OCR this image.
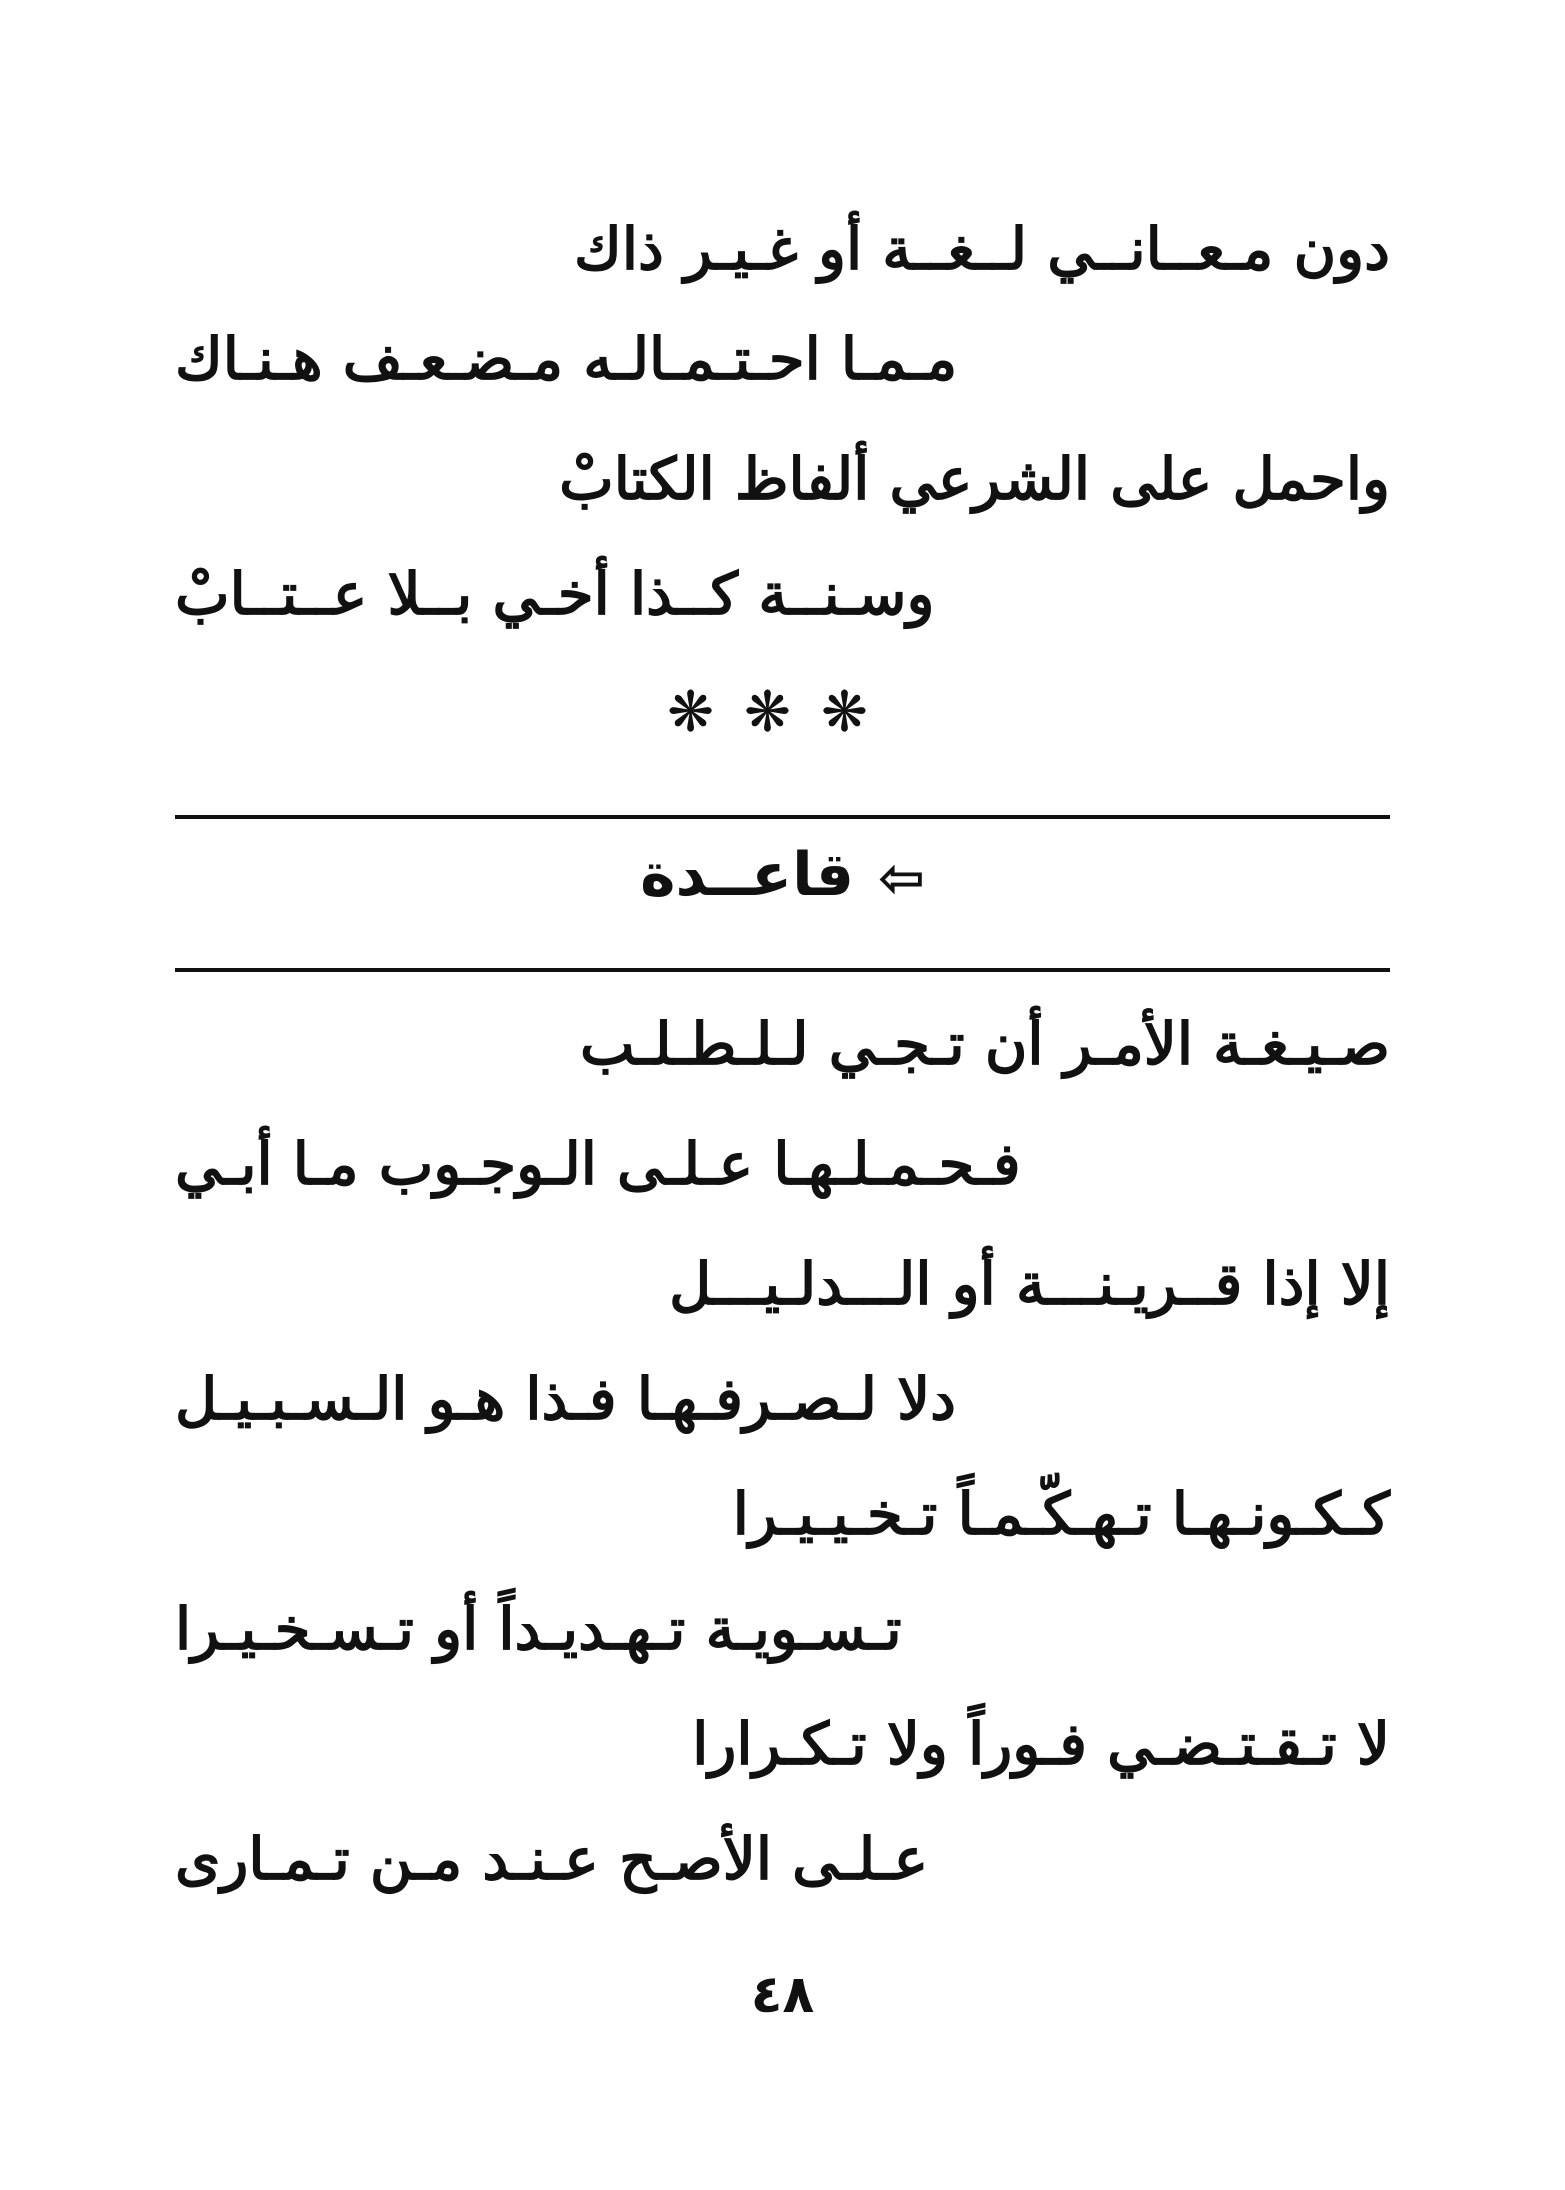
دون مـعــانــي لــغــة أو غـيـر ذاك

مـمـا احـتـمـالـه مـضـعـف هـنـاك

واحمل على الشرعي ألفاظ الكتابْ

وسـنــة كــذا أخـي بــلا عــتــابْ

❋❋❋
⇦قاعــدة

صـيـغـة الأمـر أن تـجـي لـلـطـلـب

فـحـمـلـهـا عـلـى الـوجـوب مـا أبـي

إلا إذا قــريـنـــة أو الـــدلـيـــل

دلا لـصـرفـهـا فـذا هـو الـسـبـيـل

كـكـونـهـا تـهـكّـمـاً تـخـيـيـرا

تـسـويـة تـهـديـداً أو تـسـخـيـرا

لا تـقـتـضـي فـوراً ولا تـكـرارا

عـلـى الأصـح عـنـد مـن تـمـارى

٤٨
